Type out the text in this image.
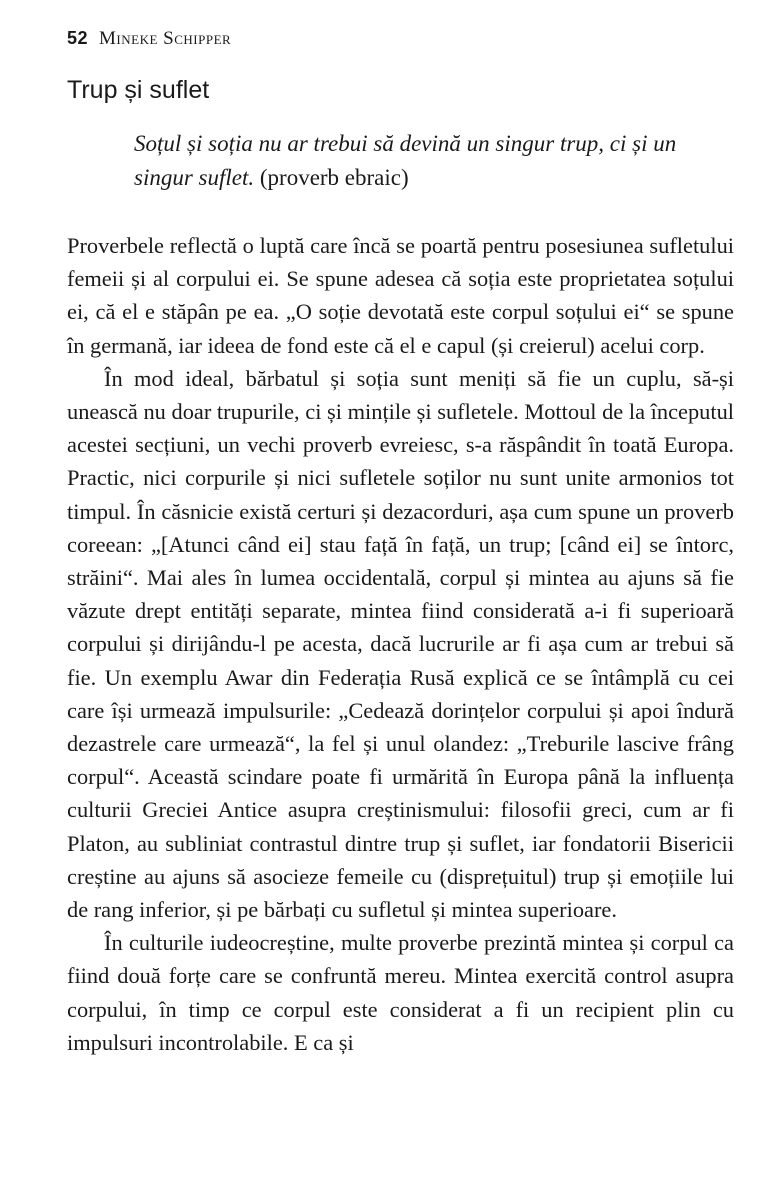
52 Mineke Schipper
Trup și suflet
Soțul și soția nu ar trebui să devină un singur trup, ci și un singur suflet. (proverb ebraic)

Proverbele reflectă o luptă care încă se poartă pentru posesiunea sufletului femeii și al corpului ei. Se spune adesea că soția este proprietatea soțului ei, că el e stăpân pe ea. „O soție devotată este corpul soțului ei“ se spune în germană, iar ideea de fond este că el e capul (și creierul) acelui corp.

În mod ideal, bărbatul și soția sunt meniți să fie un cuplu, să-și unească nu doar trupurile, ci și mințile și sufletele. Mottoul de la începutul acestei secțiuni, un vechi proverb evreiesc, s-a răspândit în toată Europa. Practic, nici corpurile și nici sufletele soților nu sunt unite armonios tot timpul. În căsnicie există certuri și dezacorduri, așa cum spune un proverb coreean: „[Atunci când ei] stau față în față, un trup; [când ei] se întorc, străini“. Mai ales în lumea occidentală, corpul și mintea au ajuns să fie văzute drept entități separate, mintea fiind considerată a-i fi superioară corpului și dirijându-l pe acesta, dacă lucrurile ar fi așa cum ar trebui să fie. Un exemplu Awar din Federația Rusă explică ce se întâmplă cu cei care își urmează impulsurile: „Cedează dorințelor corpului și apoi îndură dezastrele care urmează“, la fel și unul olandez: „Treburile lascive frâng corpul“. Această scindare poate fi urmărită în Europa până la influența culturii Greciei Antice asupra creștinismului: filosofii greci, cum ar fi Platon, au subliniat contrastul dintre trup și suflet, iar fondatorii Bisericii creștine au ajuns să asocieze femeile cu (disprețuitul) trup și emoțiile lui de rang inferior, și pe bărbați cu sufletul și mintea superioare.

În culturile iudeocreștine, multe proverbe prezintă mintea și corpul ca fiind două forțe care se confruntă mereu. Mintea exercită control asupra corpului, în timp ce corpul este considerat a fi un recipient plin cu impulsuri incontrolabile. E ca și
